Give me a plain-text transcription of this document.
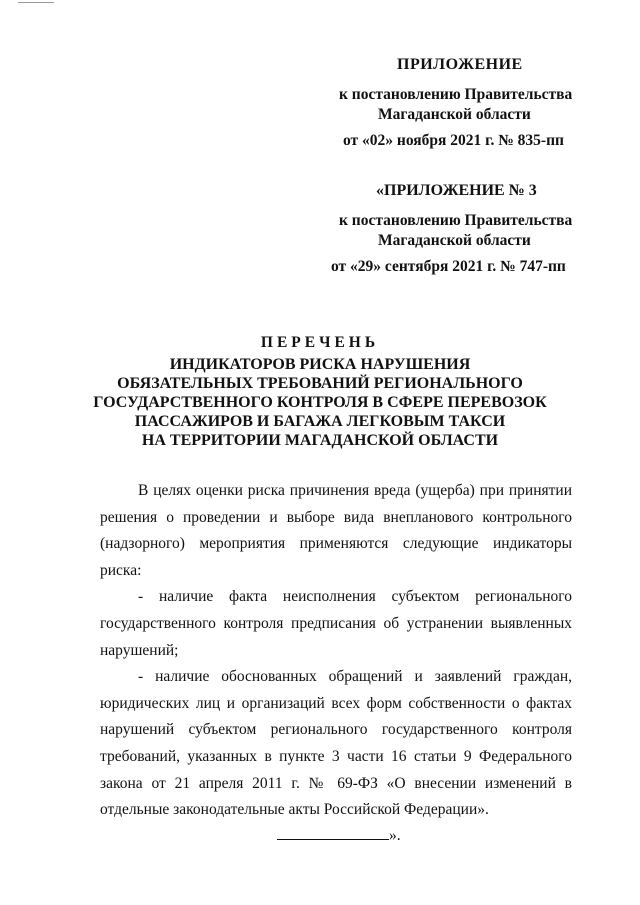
ПРИЛОЖЕНИЕ
к постановлению Правительства
Магаданской области
от «02» ноября 2021 г. № 835-пп
«ПРИЛОЖЕНИЕ № 3
к постановлению Правительства
Магаданской области
от «29» сентября 2021 г. № 747-пп
ПЕРЕЧЕНЬ
ИНДИКАТОРОВ РИСКА НАРУШЕНИЯ
ОБЯЗАТЕЛЬНЫХ ТРЕБОВАНИЙ РЕГИОНАЛЬНОГО
ГОСУДАРСТВЕННОГО КОНТРОЛЯ В СФЕРЕ ПЕРЕВОЗОК
ПАССАЖИРОВ И БАГАЖА ЛЕГКОВЫМ ТАКСИ
НА ТЕРРИТОРИИ МАГАДАНСКОЙ ОБЛАСТИ

В целях оценки риска причинения вреда (ущерба) при принятии решения о проведении и выборе вида внепланового контрольного (надзорного) мероприятия применяются следующие индикаторы риска:

- наличие факта неисполнения субъектом регионального государственного контроля предписания об устранении выявленных нарушений;

- наличие обоснованных обращений и заявлений граждан, юридических лиц и организаций всех форм собственности о фактах нарушений субъектом регионального государственного контроля требований, указанных в пункте 3 части 16 статьи 9 Федерального закона от 21 апреля 2011 г. № 69-ФЗ «О внесении изменений в отдельные законодательные акты Российской Федерации».

».
